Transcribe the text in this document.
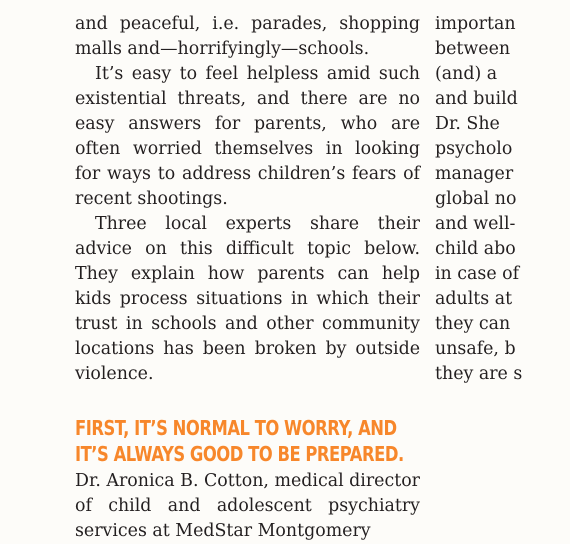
and peaceful, i.e. parades, shopping
malls and—horrifyingly—schools.

It’s easy to feel helpless amid such existential threats, and there are no easy answers for parents, who are often worried themselves in looking for ways to address children’s fears of recent shootings.

Three local experts share their advice on this difficult topic below. They explain how parents can help kids process situations in which their trust in schools and other community locations has been broken by outside violence.

FIRST, IT’S NORMAL TO WORRY, AND
IT’S ALWAYS GOOD TO BE PREPARED.

Dr. Aronica B. Cotton, medical director of child and adolescent psychiatry services at MedStar Montgomery

importan
between
(and) a
and build
Dr. She
psycholo
manager
global no
and well-
child abo
in case of
adults at
they can
unsafe, b
they are s
